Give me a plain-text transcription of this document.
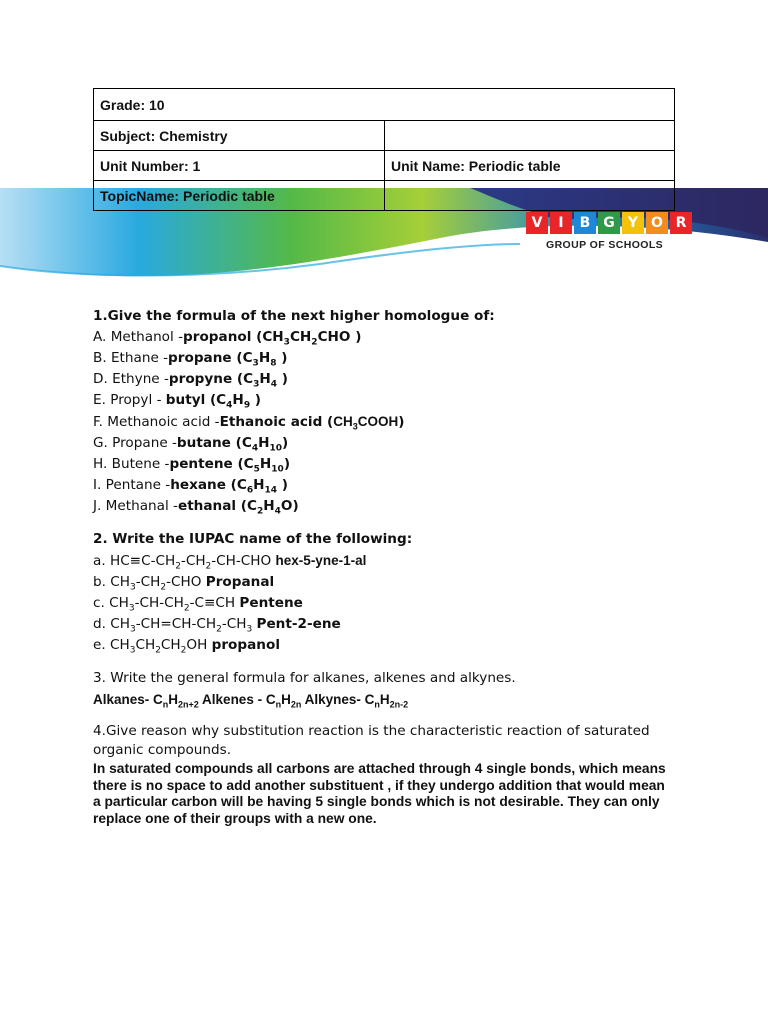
Grade: 10	
Subject: Chemistry	
Unit Number: 1	Unit Name: Periodic table
TopicName: Periodic table	
V	I	B G Y O R
GROUP OF SCHOOLS
1.Give the formula of the next higher homologue of:
A. Methanol -propanol ($CH_3CH_2CHO$ )
B. Ethane -propane ($C_3H_8$ )
D. Ethyne -propyne ($C_3H_4$ )
E. Propyl - butyl ($C_4H_9$ )
F. Methanoic acid -Ethanoic acid $(CH_3COOH)$
G. Propane -butane $(C_4H_{10})$
H. Butene -pentene $(C_5H_{10})$
I. Pentane -hexane ($C_6H_{14}$ )
J. Methanal -ethanal $(C_2H_4O)$
2. Write the IUPAC name of the following:
a. $HC\equiv C-CH_2-CH_2-CH$-CHO hex-5-yne-1-al
b. $CH_3-CH_2$-CHO Propanal
c. $CH_3-CH-CH_2-C\equiv CH$ Pentene
d. $CH_3-CH=CH-CH_2-CH_3$ Pent-2-ene
e. $CH_3CH_2CH_2OH$ propanol
3. Write the general formula for alkanes, alkenes and alkynes.
Alkanes- $C_nH_{2n+2}$ Alkenes - $C_nH_{2n}$ Alkynes- $C_nH_{2n-2}$
4.Give reason why substitution reaction is the characteristic reaction of saturated organic compounds.
In saturated compounds all carbons are attached through 4 single bonds, which means there is no space to add another substituent , if they undergo addition that would mean a particular carbon will be having 5 single bonds which is not desirable. They can only replace one of their groups with a new one.
